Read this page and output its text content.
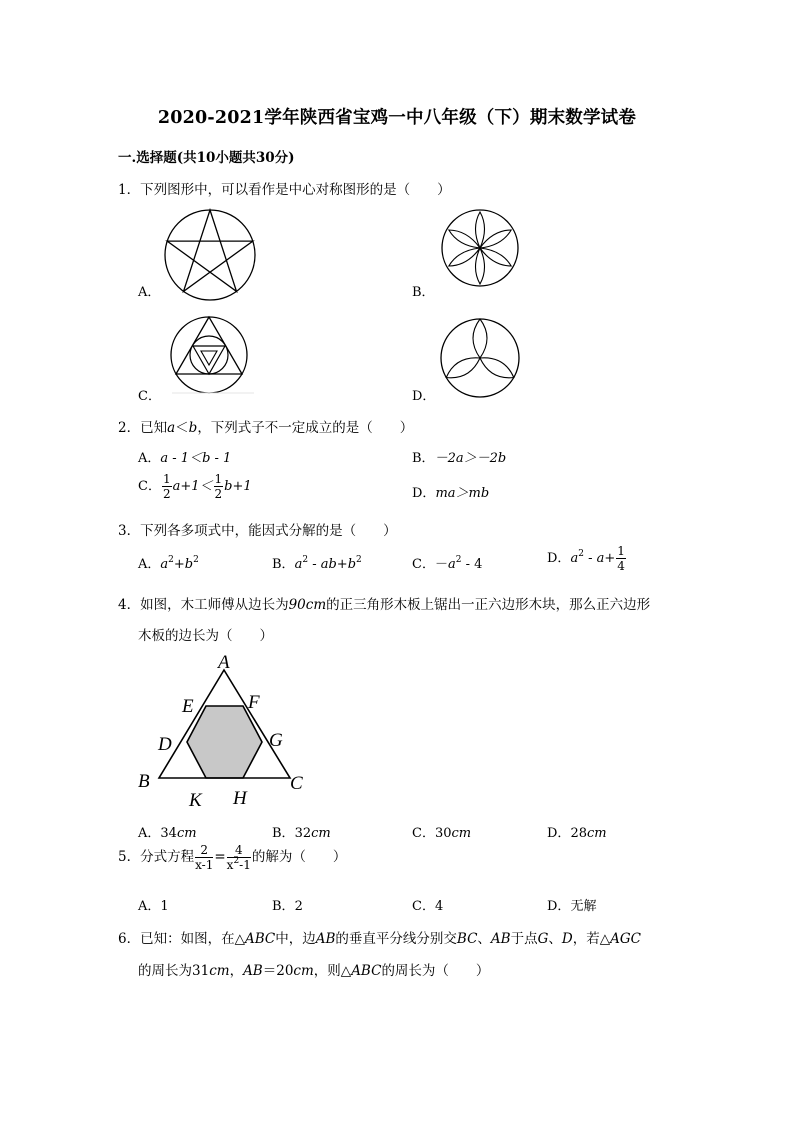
2020-2021学年陕西省宝鸡一中八年级（下）期末数学试卷
一.选择题(共10小题共30分)
1．下列图形中，可以看作是中心对称图形的是（　　）
A．	B．
C．	D．
2．已知a＜b，下列式子不一定成立的是（　　）
A．a - 1＜b - 1	B．－2a＞－2b
C． $\frac{1}{2} a+1< \frac{1}{2} b+1$	D．ma＞mb
3．下列各多项式中，能因式分解的是（　　）
A．$a^2+b^2$	B．$a^2 - ab+b^2$	C．$-a^2 - 4$	D．$a^2 - a+ \frac{1}{4}$
4．如图，木工师傅从边长为90cm的正三角形木板上锯出一正六边形木块，那么正六边形
木板的边长为（　　）
A
E	F
D	G
B
K H
C
A．34cm	B．32cm	C．30cm	D．28cm
5．分式方程 $\frac{2}{x-1} = \frac{4}{x^2-1}$ 的解为（　　）
A．1	B．2	C．4	D．无解
6．已知：如图，在△ABC中，边AB的垂直平分线分别交BC、AB于点G、D，若△AGC
的周长为31cm，AB＝20cm，则△ABC的周长为（　　）
